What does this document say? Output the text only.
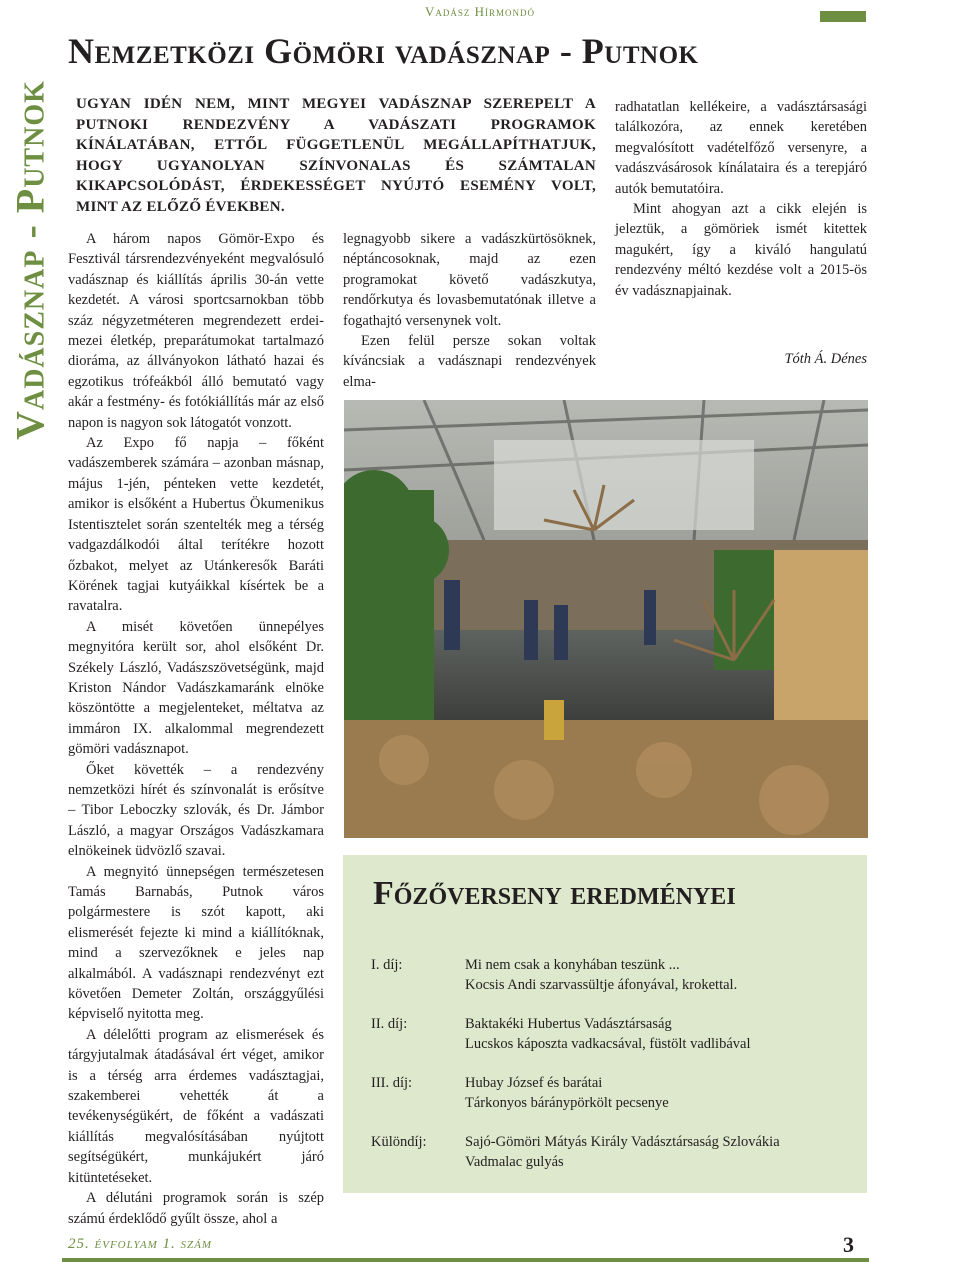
Vadász Hírmondó
Vadásznap - Putnok
Nemzetközi Gömöri vadásznap - Putnok
UGYAN IDÉN NEM, MINT MEGYEI VADÁSZNAP SZEREPELT A PUTNOKI RENDEZVÉNY A VADÁSZATI PROGRAMOK KÍNÁLATÁBAN, ETTŐL FÜGGETLENÜL MEGÁLLAPÍTHATJUK, HOGY UGYANOLYAN SZÍNVONALAS ÉS SZÁMTALAN KIKAPCSOLÓDÁST, ÉRDEKESSÉGET NYÚJTÓ ESEMÉNY VOLT, MINT AZ ELŐZŐ ÉVEKBEN.

A három napos Gömör-Expo és Fesztivál társrendezvényeként megvalósuló vadásznap és kiállítás április 30-án vette kezdetét. A városi sportcsarnokban több száz négyzetméteren megrendezett erdei-mezei életkép, preparátumokat tartalmazó dioráma, az állványokon látható hazai és egzotikus trófeákból álló bemutató vagy akár a festmény- és fotókiállítás már az első napon is nagyon sok látogatót vonzott.

Az Expo fő napja – főként vadászemberek számára – azonban másnap, május 1-jén, pénteken vette kezdetét, amikor is elsőként a Hubertus Ökumenikus Istentisztelet során szentelték meg a térség vadgazdálkodói által terítékre hozott őzbakot, melyet az Utánkeresők Baráti Körének tagjai kutyáikkal kísértek be a ravatalra.

A misét követően ünnepélyes megnyitóra került sor, ahol elsőként Dr. Székely László, Vadászszövetségünk, majd Kriston Nándor Vadászkamaránk elnöke köszöntötte a megjelenteket, méltatva az immáron IX. alkalommal megrendezett gömöri vadásznapot.

Őket követték – a rendezvény nemzetközi hírét és színvonalát is erősítve – Tibor Leboczky szlovák, és Dr. Jámbor László, a magyar Országos Vadászkamara elnökeinek üdvözlő szavai.

A megnyitó ünnepségen természetesen Tamás Barnabás, Putnok város polgármestere is szót kapott, aki elismerését fejezte ki mind a kiállítóknak, mind a szervezőknek e jeles nap alkalmából. A vadásznapi rendezvényt ezt követően Demeter Zoltán, országgyűlési képviselő nyitotta meg.

A délelőtti program az elismerések és tárgyjutalmak átadásával ért véget, amikor is a térség arra érdemes vadásztagjai, szakemberei vehették át a tevékenységükért, de főként a vadászati kiállítás megvalósításában nyújtott segítségükért, munkájukért járó kitüntetéseket.

A délutáni programok során is szép számú érdeklődő gyűlt össze, ahol a

legnagyobb sikere a vadászkürtösöknek, néptáncosoknak, majd az ezen programokat követő vadászkutya, rendőrkutya és lovasbemutatónak illetve a fogathajtó versenynek volt.

Ezen felül persze sokan voltak kíváncsiak a vadásznapi rendezvények elma-

radhatatlan kellékeire, a vadásztársasági találkozóra, az ennek keretében megvalósított vadételfőző versenyre, a vadászvásárosok kínálataira és a terepjáró autók bemutatóira.

Mint ahogyan azt a cikk elején is jeleztük, a gömöriek ismét kitettek magukért, így a kiváló hangulatú rendezvény méltó kezdése volt a 2015-ös év vadásznapjainak.

Tóth Á. Dénes
Főzőverseny eredményei
I. díj:	Mi nem csak a konyhában teszünk ...
Kocsis Andi szarvassültje áfonyával, krokettal.
II. díj:	Baktakéki Hubertus Vadásztársaság
Lucskos káposzta vadkacsával, füstölt vadlibával
III. díj:	Hubay József és barátai
Tárkonyos báránypörkölt pecsenye
Különdíj:	Sajó-Gömöri Mátyás Király Vadásztársaság Szlovákia
Vadmalac gulyás
25. évfolyam 1. szám	3
